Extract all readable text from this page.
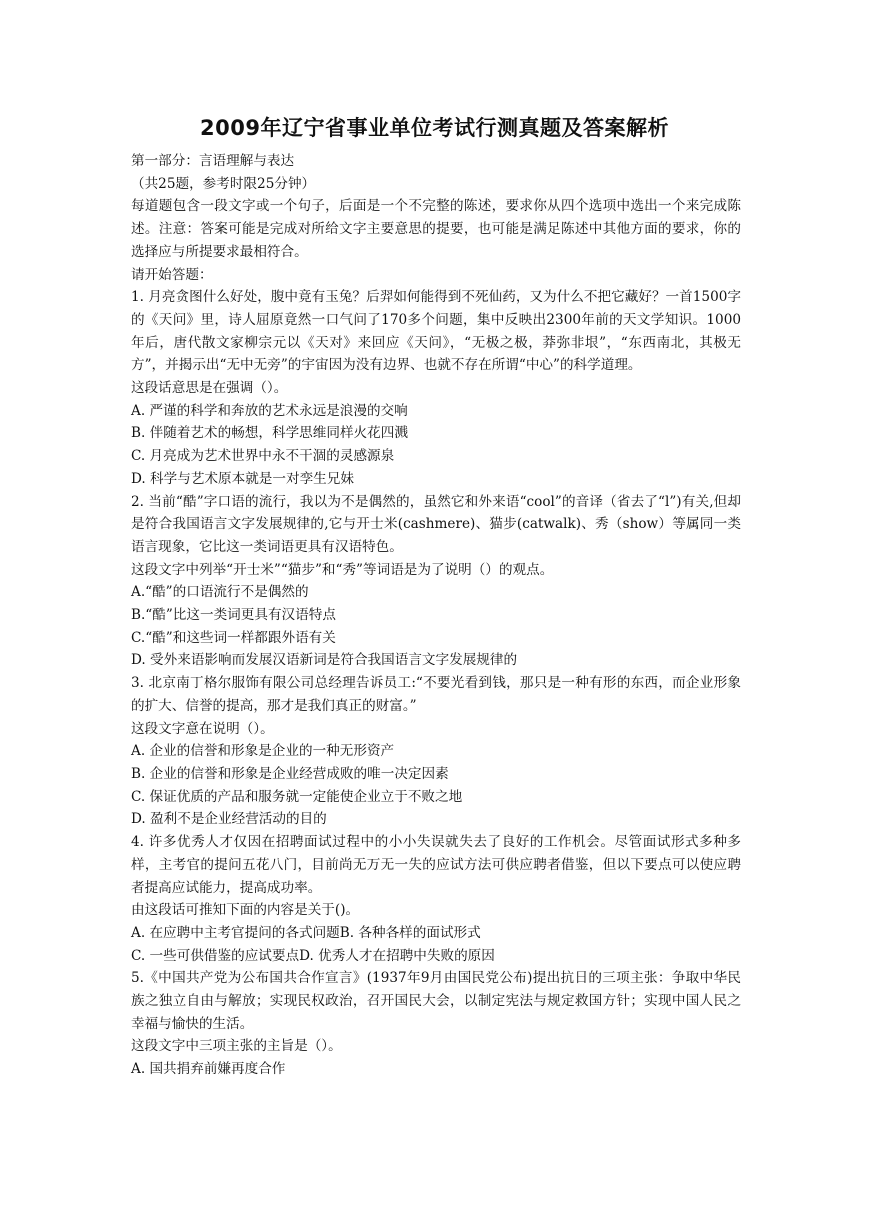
2009年辽宁省事业单位考试行测真题及答案解析

第一部分：言语理解与表达

（共25题，参考时限25分钟）

每道题包含一段文字或一个句子，后面是一个不完整的陈述，要求你从四个选项中选出一个来完成陈述。注意：答案可能是完成对所给文字主要意思的提要，也可能是满足陈述中其他方面的要求，你的选择应与所提要求最相符合。

请开始答题：

1. 月亮贪图什么好处，腹中竟有玉兔？后羿如何能得到不死仙药，又为什么不把它藏好？一首1500字的《天问》里，诗人屈原竟然一口气问了170多个问题，集中反映出2300年前的天文学知识。1000年后，唐代散文家柳宗元以《天对》来回应《天问》，“无极之极，莽弥非垠”，“东西南北，其极无方”，并揭示出“无中无旁”的宇宙因为没有边界、也就不存在所谓“中心”的科学道理。

这段话意思是在强调（）。

A. 严谨的科学和奔放的艺术永远是浪漫的交响

B. 伴随着艺术的畅想，科学思维同样火花四溅

C. 月亮成为艺术世界中永不干涸的灵感源泉

D. 科学与艺术原本就是一对孪生兄妹

2. 当前“酷”字口语的流行，我以为不是偶然的，虽然它和外来语“cool”的音译（省去了“l”)有关,但却是符合我国语言文字发展规律的,它与开士米(cashmere)、猫步(catwalk)、秀（show）等属同一类语言现象，它比这一类词语更具有汉语特色。

这段文字中列举“开士米”“猫步”和“秀”等词语是为了说明（）的观点。

A.“酷”的口语流行不是偶然的

B.“酷”比这一类词更具有汉语特点

C.“酷”和这些词一样都跟外语有关

D. 受外来语影响而发展汉语新词是符合我国语言文字发展规律的

3. 北京南丁格尔服饰有限公司总经理告诉员工:“不要光看到钱，那只是一种有形的东西，而企业形象的扩大、信誉的提高，那才是我们真正的财富。”

这段文字意在说明（）。

A. 企业的信誉和形象是企业的一种无形资产

B. 企业的信誉和形象是企业经营成败的唯一决定因素

C. 保证优质的产品和服务就一定能使企业立于不败之地

D. 盈利不是企业经营活动的目的

4. 许多优秀人才仅因在招聘面试过程中的小小失误就失去了良好的工作机会。尽管面试形式多种多样，主考官的提问五花八门，目前尚无万无一失的应试方法可供应聘者借鉴，但以下要点可以使应聘者提高应试能力，提高成功率。

由这段话可推知下面的内容是关于()。

A. 在应聘中主考官提问的各式问题B. 各种各样的面试形式

C. 一些可供借鉴的应试要点D. 优秀人才在招聘中失败的原因

5.《中国共产党为公布国共合作宣言》(1937年9月由国民党公布)提出抗日的三项主张：争取中华民族之独立自由与解放；实现民权政治，召开国民大会，以制定宪法与规定救国方针；实现中国人民之幸福与愉快的生活。

这段文字中三项主张的主旨是（）。

A. 国共捐弃前嫌再度合作
